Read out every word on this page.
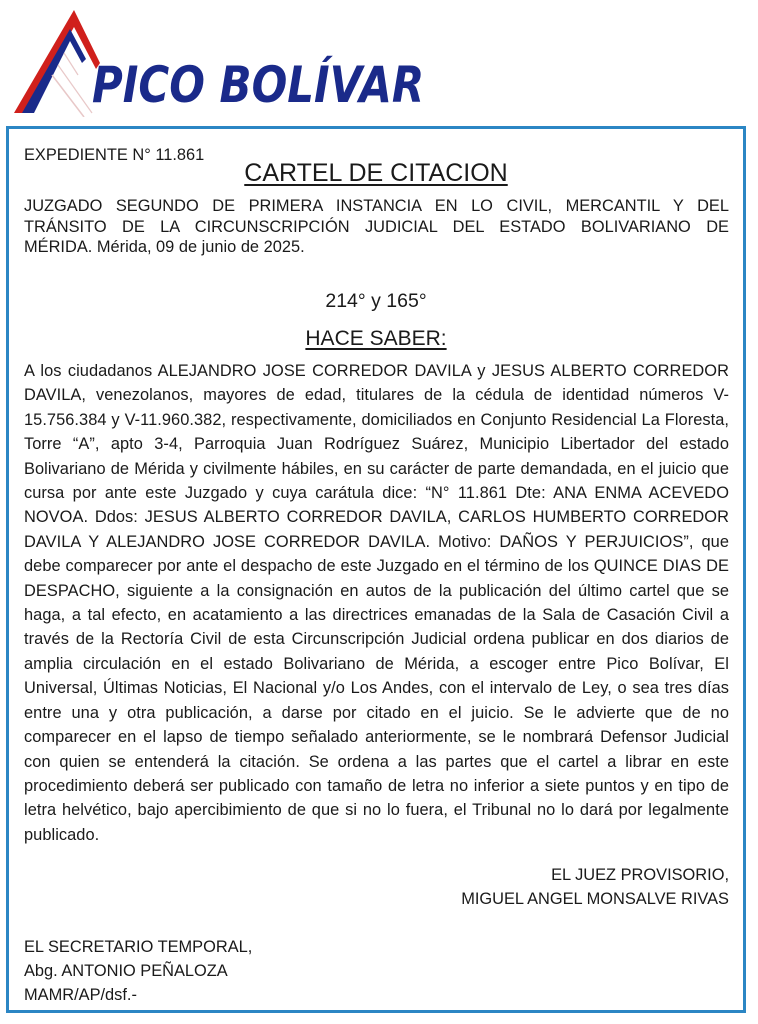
PICO BOLÍVAR

EXPEDIENTE N° 11.861

CARTEL DE CITACION

JUZGADO SEGUNDO DE PRIMERA INSTANCIA EN LO CIVIL, MERCANTIL Y DEL
TRÁNSITO DE LA CIRCUNSCRIPCIÓN JUDICIAL DEL ESTADO BOLIVARIANO DE
MÉRIDA. Mérida, 09 de junio de 2025.

214° y 165°

HACE SABER:

A los ciudadanos ALEJANDRO JOSE CORREDOR DAVILA y JESUS ALBERTO CORREDOR DAVILA, venezolanos, mayores de edad, titulares de la cédula de identidad números V-15.756.384 y V-11.960.382, respectivamente, domiciliados en Conjunto Residencial La Floresta, Torre “A”, apto 3-4, Parroquia Juan Rodríguez Suárez, Municipio Libertador del estado Bolivariano de Mérida y civilmente hábiles, en su carácter de parte demandada, en el juicio que cursa por ante este Juzgado y cuya carátula dice: “N° 11.861 Dte: ANA ENMA ACEVEDO NOVOA. Ddos: JESUS ALBERTO CORREDOR DAVILA, CARLOS HUMBERTO CORREDOR DAVILA Y ALEJANDRO JOSE CORREDOR DAVILA. Motivo: DAÑOS Y PERJUICIOS”, que debe comparecer por ante el despacho de este Juzgado en el término de los QUINCE DIAS DE DESPACHO, siguiente a la consignación en autos de la publicación del último cartel que se haga, a tal efecto, en acatamiento a las directrices emanadas de la Sala de Casación Civil a través de la Rectoría Civil de esta Circunscripción Judicial ordena publicar en dos diarios de amplia circulación en el estado Bolivariano de Mérida, a escoger entre Pico Bolívar, El Universal, Últimas Noticias, El Nacional y/o Los Andes, con el intervalo de Ley, o sea tres días entre una y otra publicación, a darse por citado en el juicio. Se le advierte que de no comparecer en el lapso de tiempo señalado anteriormente, se le nombrará Defensor Judicial con quien se entenderá la citación. Se ordena a las partes que el cartel a librar en este procedimiento deberá ser publicado con tamaño de letra no inferior a siete puntos y en tipo de letra helvético, bajo apercibimiento de que si no lo fuera, el Tribunal no lo dará por legalmente publicado.

EL JUEZ PROVISORIO,
MIGUEL ANGEL MONSALVE RIVAS

EL SECRETARIO TEMPORAL,
Abg. ANTONIO PEÑALOZA
MAMR/AP/dsf.-
